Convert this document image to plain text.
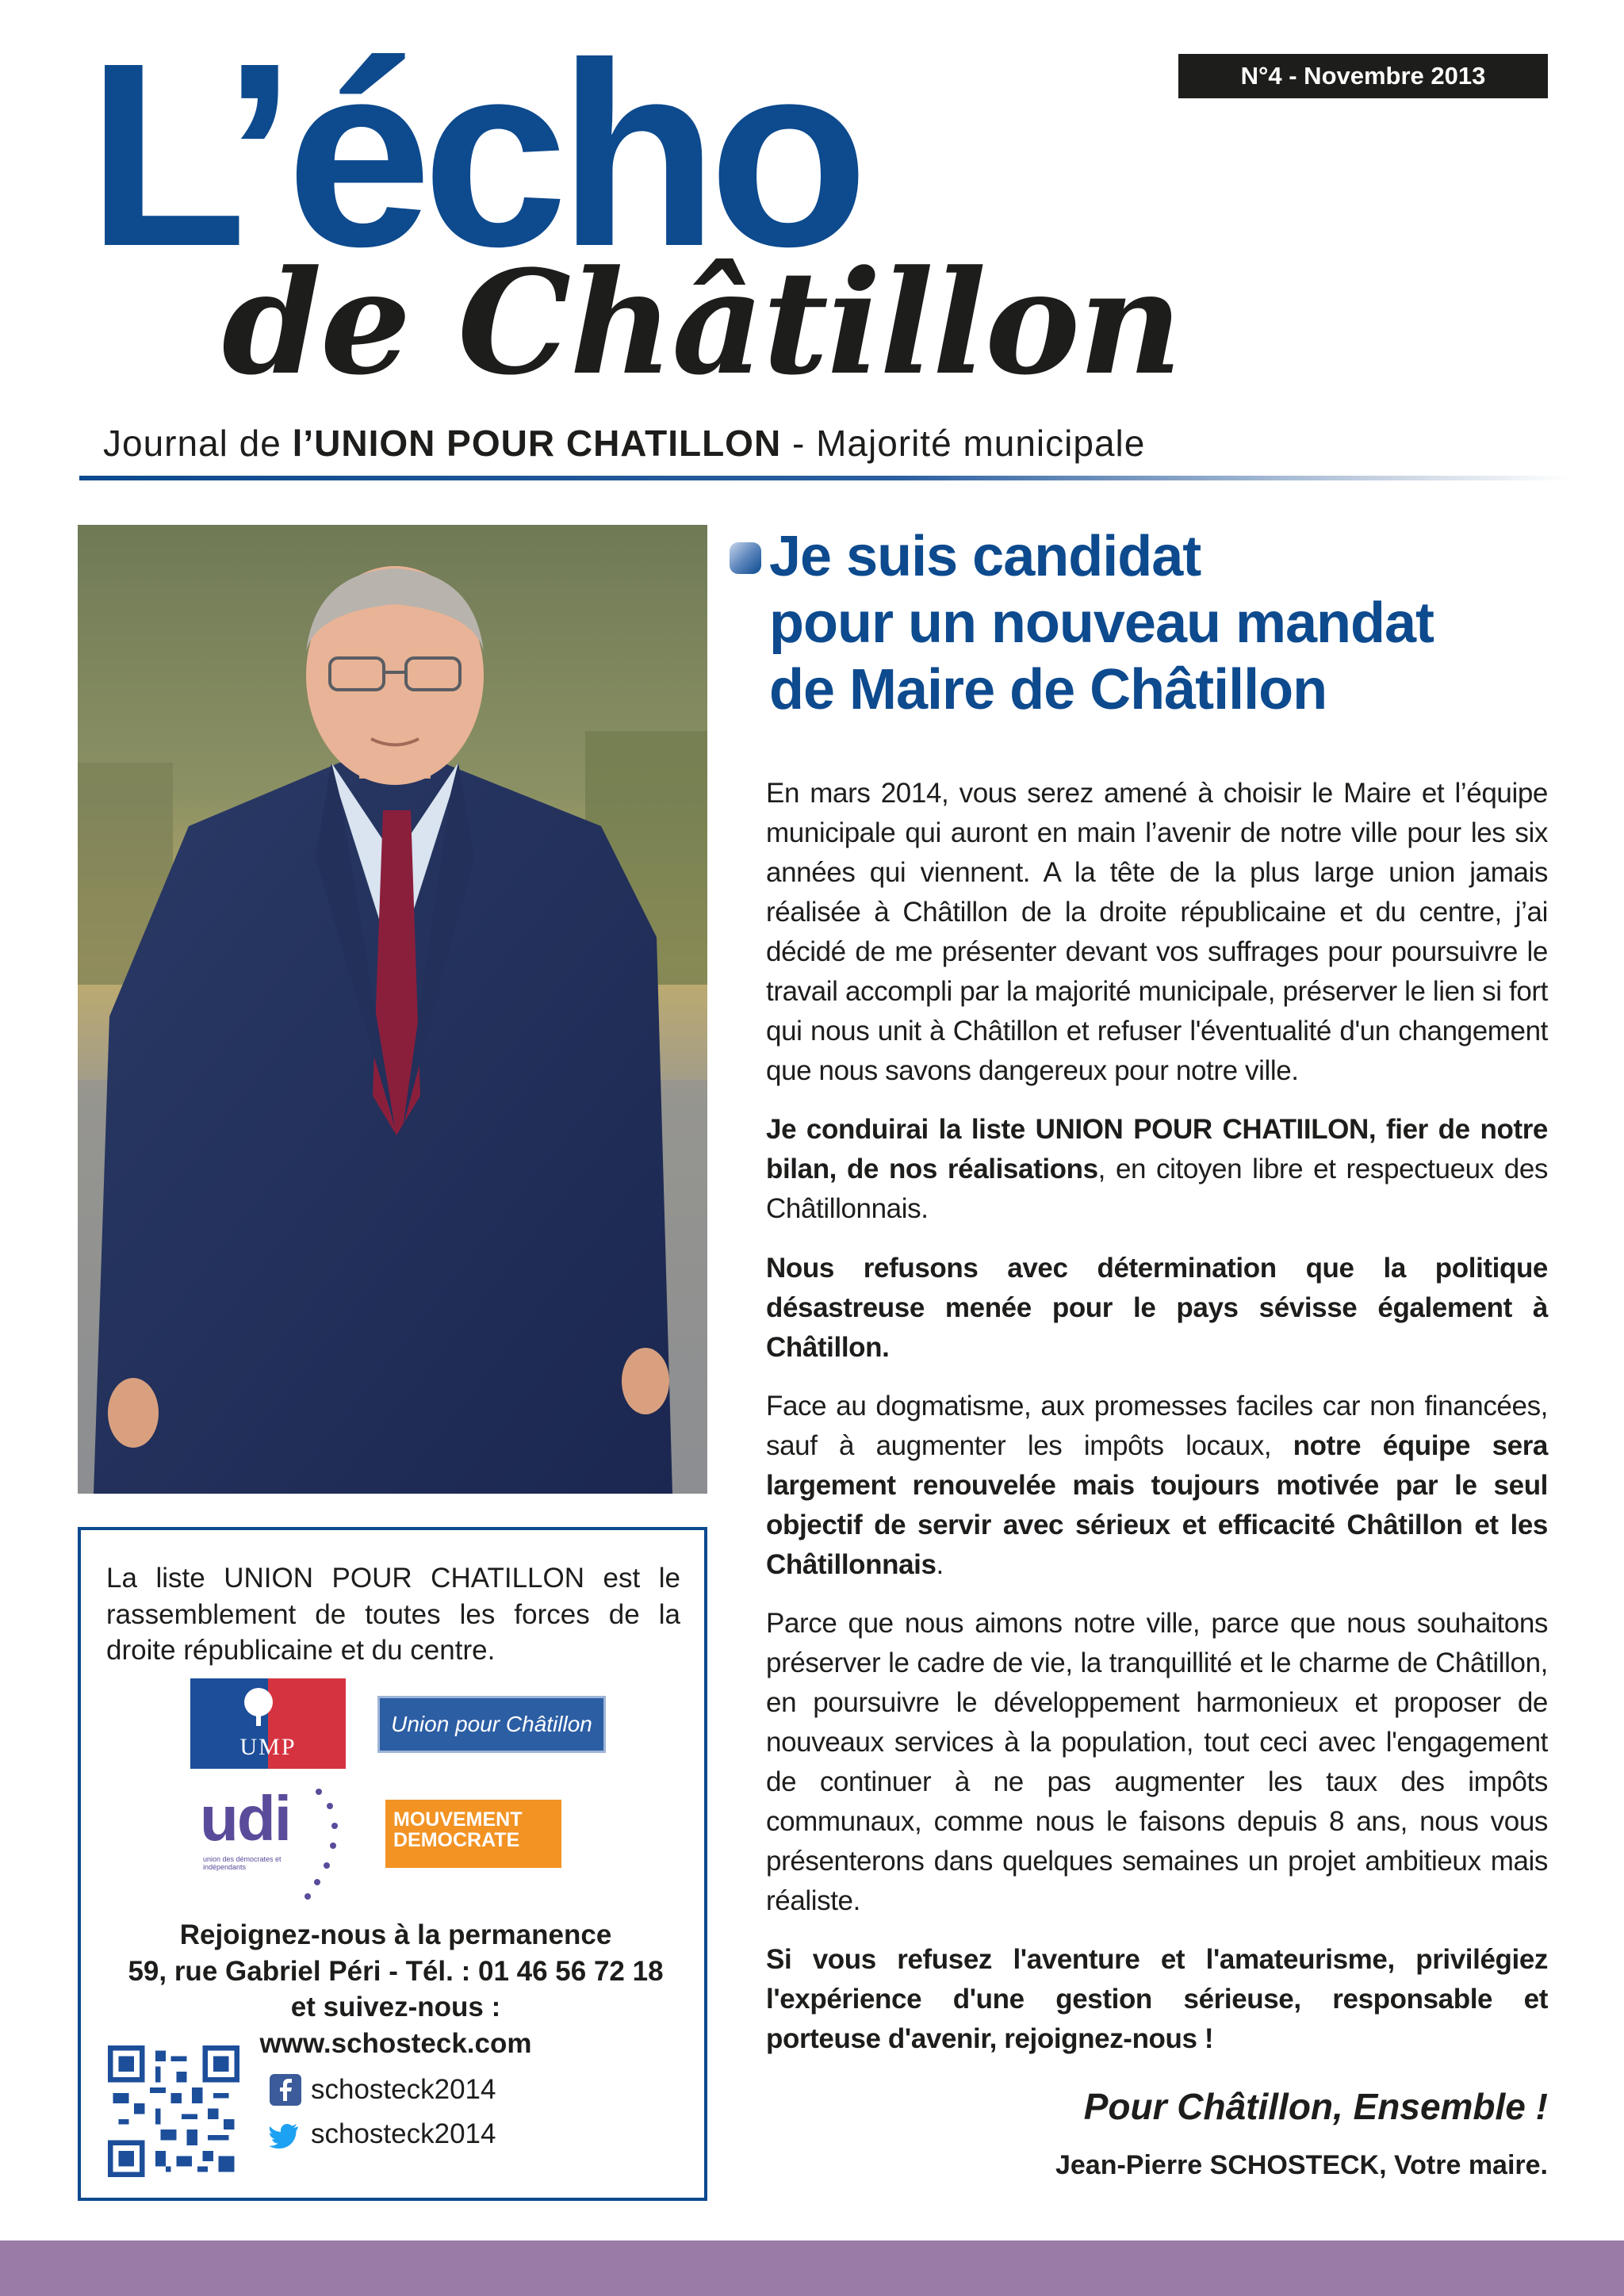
L’écho	N°4 - Novembre 2013
de Châtillon
Journal de l’UNION POUR CHATILLON - Majorité municipale
La liste UNION POUR CHATILLON est le rassemblement de toutes les forces de la droite républicaine et du centre.
UMP
Union pour Châtillon
udi
union des démocrates et indépendants
MOUVEMENT
DEMOCRATE
Rejoignez-nous à la permanence
59, rue Gabriel Péri - Tél. : 01 46 56 72 18
et suivez-nous :
www.schosteck.com
schosteck2014
schosteck2014
Je suis candidat
pour un nouveau mandat
de Maire de Châtillon

En mars 2014, vous serez amené à choisir le Maire et l’équipe municipale qui auront en main l’avenir de notre ville pour les six années qui viennent. A la tête de la plus large union jamais réalisée à Châtillon de la droite républicaine et du centre, j’ai décidé de me présenter devant vos suffrages pour poursuivre le travail accompli par la majorité municipale, préserver le lien si fort qui nous unit à Châtillon et refuser l'éventualité d'un changement que nous savons dangereux pour notre ville.

Je conduirai la liste UNION POUR CHATIILON, fier de notre bilan, de nos réalisations, en citoyen libre et respectueux des Châtillonnais.

Nous refusons avec détermination que la politique désastreuse menée pour le pays sévisse également à Châtillon.

Face au dogmatisme, aux promesses faciles car non financées, sauf à augmenter les impôts locaux, notre équipe sera largement renouvelée mais toujours motivée par le seul objectif de servir avec sérieux et efficacité Châtillon et les Châtillonnais.

Parce que nous aimons notre ville, parce que nous souhaitons préserver le cadre de vie, la tranquillité et le charme de Châtillon, en poursuivre le développement harmonieux et proposer de nouveaux services à la population, tout ceci avec l'engagement de continuer à ne pas augmenter les taux des impôts communaux, comme nous le faisons depuis 8 ans, nous vous présenterons dans quelques semaines un projet ambitieux mais réaliste.

Si vous refusez l'aventure et l'amateurisme, privilégiez l'expérience d'une gestion sérieuse, responsable et porteuse d'avenir, rejoignez-nous !

Pour Châtillon, Ensemble !
Jean-Pierre SCHOSTECK, Votre maire.
